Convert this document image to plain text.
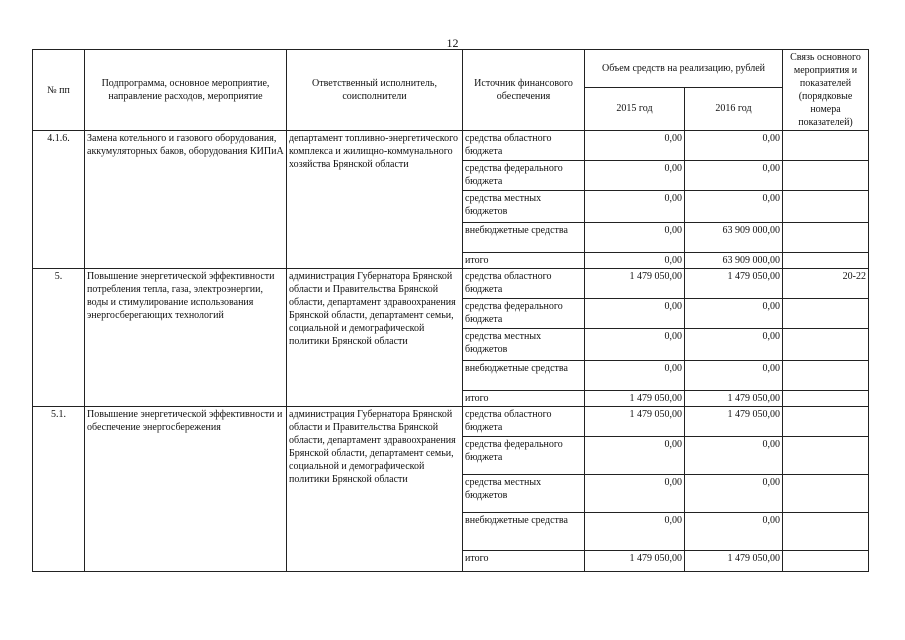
12
№ пп	Подпрограмма, основное мероприятие, направление расходов, мероприятие	Ответственный исполнитель, соисполнители	Источник финансового обеспечения	Объем средств на реализацию, рублей		Связь основного мероприятия и показателей (порядковые номера показателей)
				2015 год	2016 год	
4.1.6.	Замена котельного и газового оборудования, аккумуляторных баков, оборудования КИПиА	департамент топливно-энергетического комплекса и жилищно-коммунального хозяйства Брянской области	средства областного бюджета	0,00	0,00	
			средства федерального бюджета	0,00	0,00	
			средства местных бюджетов	0,00	0,00	
			внебюджетные средства	0,00	63 909 000,00	
			итого	0,00	63 909 000,00	
5.	Повышение энергетической эффективности потребления тепла, газа, электроэнергии, воды и стимулирование использования энергосберегающих технологий	администрация Губернатора Брянской области и Правительства Брянской области, департамент здравоохранения Брянской области, департамент семьи, социальной и демографической политики Брянской области	средства областного бюджета	1 479 050,00	1 479 050,00	20-22
			средства федерального бюджета	0,00	0,00	
			средства местных бюджетов	0,00	0,00	
			внебюджетные средства	0,00	0,00	
			итого	1 479 050,00	1 479 050,00	
5.1.	Повышение энергетической эффективности и обеспечение энергосбережения	администрация Губернатора Брянской области и Правительства Брянской области, департамент здравоохранения Брянской области, департамент семьи, социальной и демографической политики Брянской области	средства областного бюджета	1 479 050,00	1 479 050,00	
			средства федерального бюджета	0,00	0,00	
			средства местных бюджетов	0,00	0,00	
			внебюджетные средства	0,00	0,00	
			итого	1 479 050,00	1 479 050,00	
